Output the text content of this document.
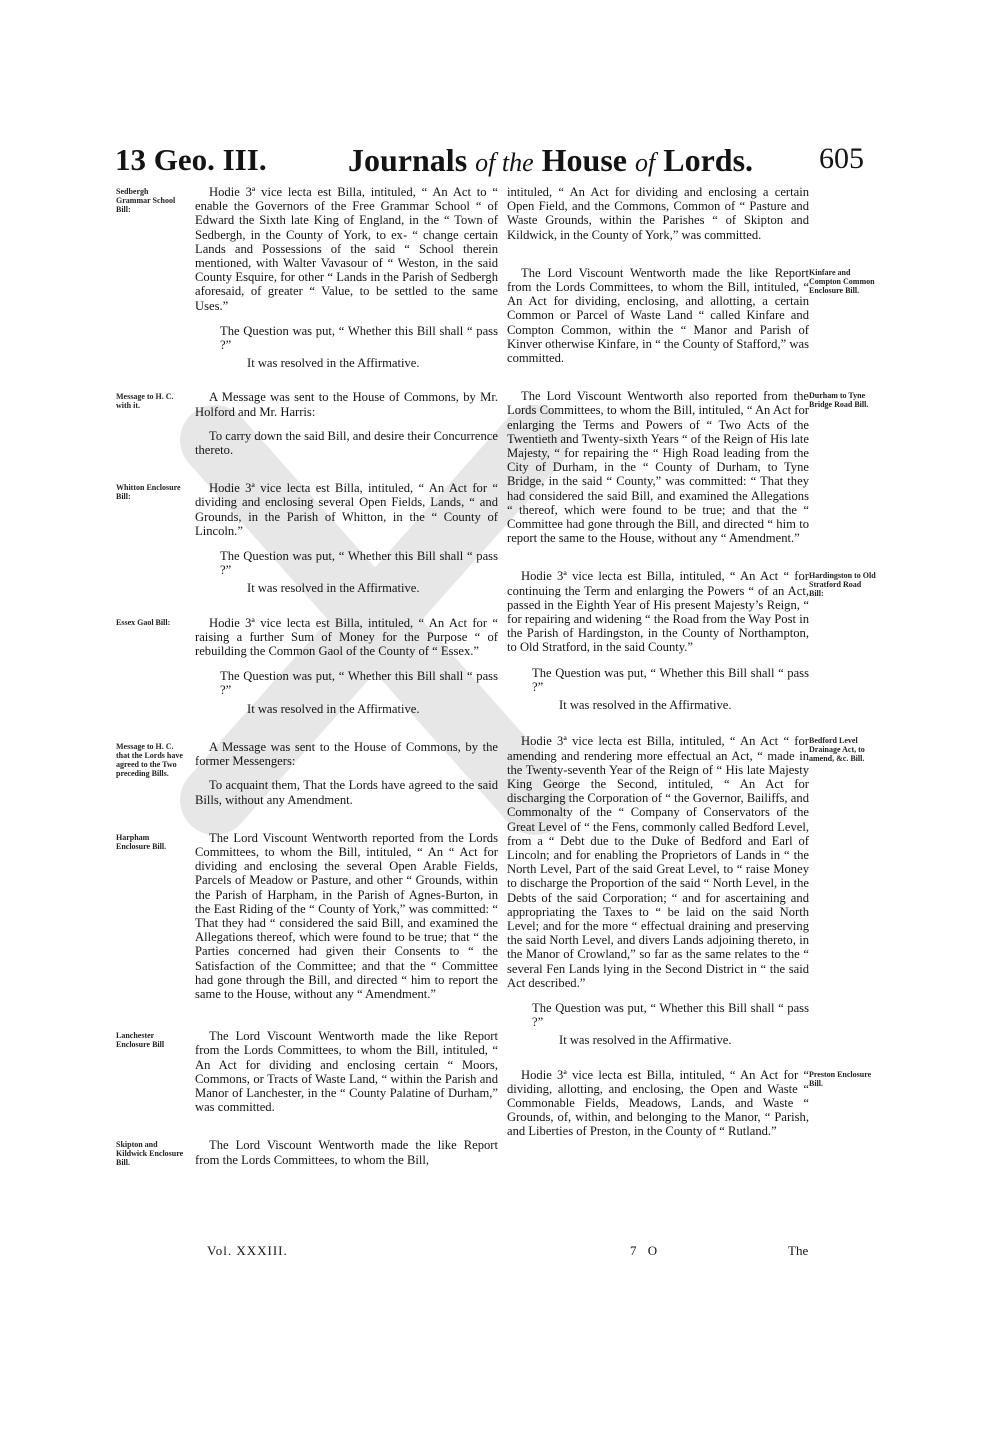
13 Geo. III.	Journals of the House of Lords. 605
Sedbergh Grammar School Bill:

Hodie 3ª vice lecta est Billa, intituled, “ An Act to “ enable the Governors of the Free Grammar School “ of Edward the Sixth late King of England, in the “ Town of Sedbergh, in the County of York, to ex- “ change certain Lands and Possessions of the said “ School therein mentioned, with Walter Vavasour of “ Weston, in the said County Esquire, for other “ Lands in the Parish of Sedbergh aforesaid, of greater “ Value, to be settled to the same Uses.”

The Question was put, “ Whether this Bill shall “ pass ?”

It was resolved in the Affirmative.

Message to H. C. with it.

A Message was sent to the House of Commons, by Mr. Holford and Mr. Harris:

To carry down the said Bill, and desire their Concurrence thereto.

Whitton Enclosure Bill:

Hodie 3ª vice lecta est Billa, intituled, “ An Act for “ dividing and enclosing several Open Fields, Lands, “ and Grounds, in the Parish of Whitton, in the “ County of Lincoln.”

The Question was put, “ Whether this Bill shall “ pass ?”

It was resolved in the Affirmative.

Essex Gaol Bill:	Hodie 3ª vice lecta est Billa, intituled, “ An Act for “ raising a further Sum of Money for the Purpose “ of rebuilding the Common Gaol of the County of “ Essex.”

The Question was put, “ Whether this Bill shall “ pass ?”

It was resolved in the Affirmative.

Message to H. C. that the Lords have agreed to the Two preceding Bills.

A Message was sent to the House of Commons, by the former Messengers:

To acquaint them, That the Lords have agreed to the said Bills, without any Amendment.

Harpham Enclosure Bill.

The Lord Viscount Wentworth reported from the Lords Committees, to whom the Bill, intituled, “ An “ Act for dividing and enclosing the several Open Arable Fields, Parcels of Meadow or Pasture, and other “ Grounds, within the Parish of Harpham, in the Parish of Agnes-Burton, in the East Riding of the “ County of York,” was committed: “ That they had “ considered the said Bill, and examined the Allegations thereof, which were found to be true; that “ the Parties concerned had given their Consents to “ the Satisfaction of the Committee; and that the “ Committee had gone through the Bill, and directed “ him to report the same to the House, without any “ Amendment.”

Lanchester Enclosure Bill

The Lord Viscount Wentworth made the like Report from the Lords Committees, to whom the Bill, intituled, “ An Act for dividing and enclosing certain “ Moors, Commons, or Tracts of Waste Land, “ within the Parish and Manor of Lanchester, in the “ County Palatine of Durham,” was committed.

Skipton and Kildwick Enclosure Bill.

The Lord Viscount Wentworth made the like Report from the Lords Committees, to whom the Bill,

intituled, “ An Act for dividing and enclosing a certain Open Field, and the Commons, Common of “ Pasture and Waste Grounds, within the Parishes “ of Skipton and Kildwick, in the County of York,” was committed.

Kinfare and Compton Common Enclosure Bill.

The Lord Viscount Wentworth made the like Report from the Lords Committees, to whom the Bill, intituled, “ An Act for dividing, enclosing, and allotting, a certain Common or Parcel of Waste Land “ called Kinfare and Compton Common, within the “ Manor and Parish of Kinver otherwise Kinfare, in “ the County of Stafford,” was committed.

Durham to Tyne Bridge Road Bill.

The Lord Viscount Wentworth also reported from the Lords Committees, to whom the Bill, intituled, “ An Act for enlarging the Terms and Powers of “ Two Acts of the Twentieth and Twenty-sixth Years “ of the Reign of His late Majesty, “ for repairing the “ High Road leading from the City of Durham, in the “ County of Durham, to Tyne Bridge, in the said “ County,” was committed: “ That they had considered the said Bill, and examined the Allegations “ thereof, which were found to be true; and that the “ Committee had gone through the Bill, and directed “ him to report the same to the House, without any “ Amendment.”

Hardingston to Old Stratford Road Bill:

Hodie 3ª vice lecta est Billa, intituled, “ An Act “ for continuing the Term and enlarging the Powers “ of an Act, passed in the Eighth Year of His present Majesty’s Reign, “ for repairing and widening “ the Road from the Way Post in the Parish of Hardingston, in the County of Northampton, to Old Stratford, in the said County.”

The Question was put, “ Whether this Bill shall “ pass ?”

It was resolved in the Affirmative.

Bedford Level Drainage Act, to amend, &c. Bill.

Hodie 3ª vice lecta est Billa, intituled, “ An Act “ for amending and rendering more effectual an Act, “ made in the Twenty-seventh Year of the Reign of “ His late Majesty King George the Second, intituled, “ An Act for discharging the Corporation of “ the Governor, Bailiffs, and Commonalty of the “ Company of Conservators of the Great Level of “ the Fens, commonly called Bedford Level, from a “ Debt due to the Duke of Bedford and Earl of Lincoln; and for enabling the Proprietors of Lands in “ the North Level, Part of the said Great Level, to “ raise Money to discharge the Proportion of the said “ North Level, in the Debts of the said Corporation; “ and for ascertaining and appropriating the Taxes to “ be laid on the said North Level; and for the more “ effectual draining and preserving the said North Level, and divers Lands adjoining thereto, in the Manor of Crowland,” so far as the same relates to the “ several Fen Lands lying in the Second District in “ the said Act described.”

The Question was put, “ Whether this Bill shall “ pass ?”

It was resolved in the Affirmative.

Preston Enclosure Bill.

Hodie 3ª vice lecta est Billa, intituled, “ An Act for “ dividing, allotting, and enclosing, the Open and Waste “ Commonable Fields, Meadows, Lands, and Waste “ Grounds, of, within, and belonging to the Manor, “ Parish, and Liberties of Preston, in the County of “ Rutland.”

Vol. XXXIII.	7 O	The
